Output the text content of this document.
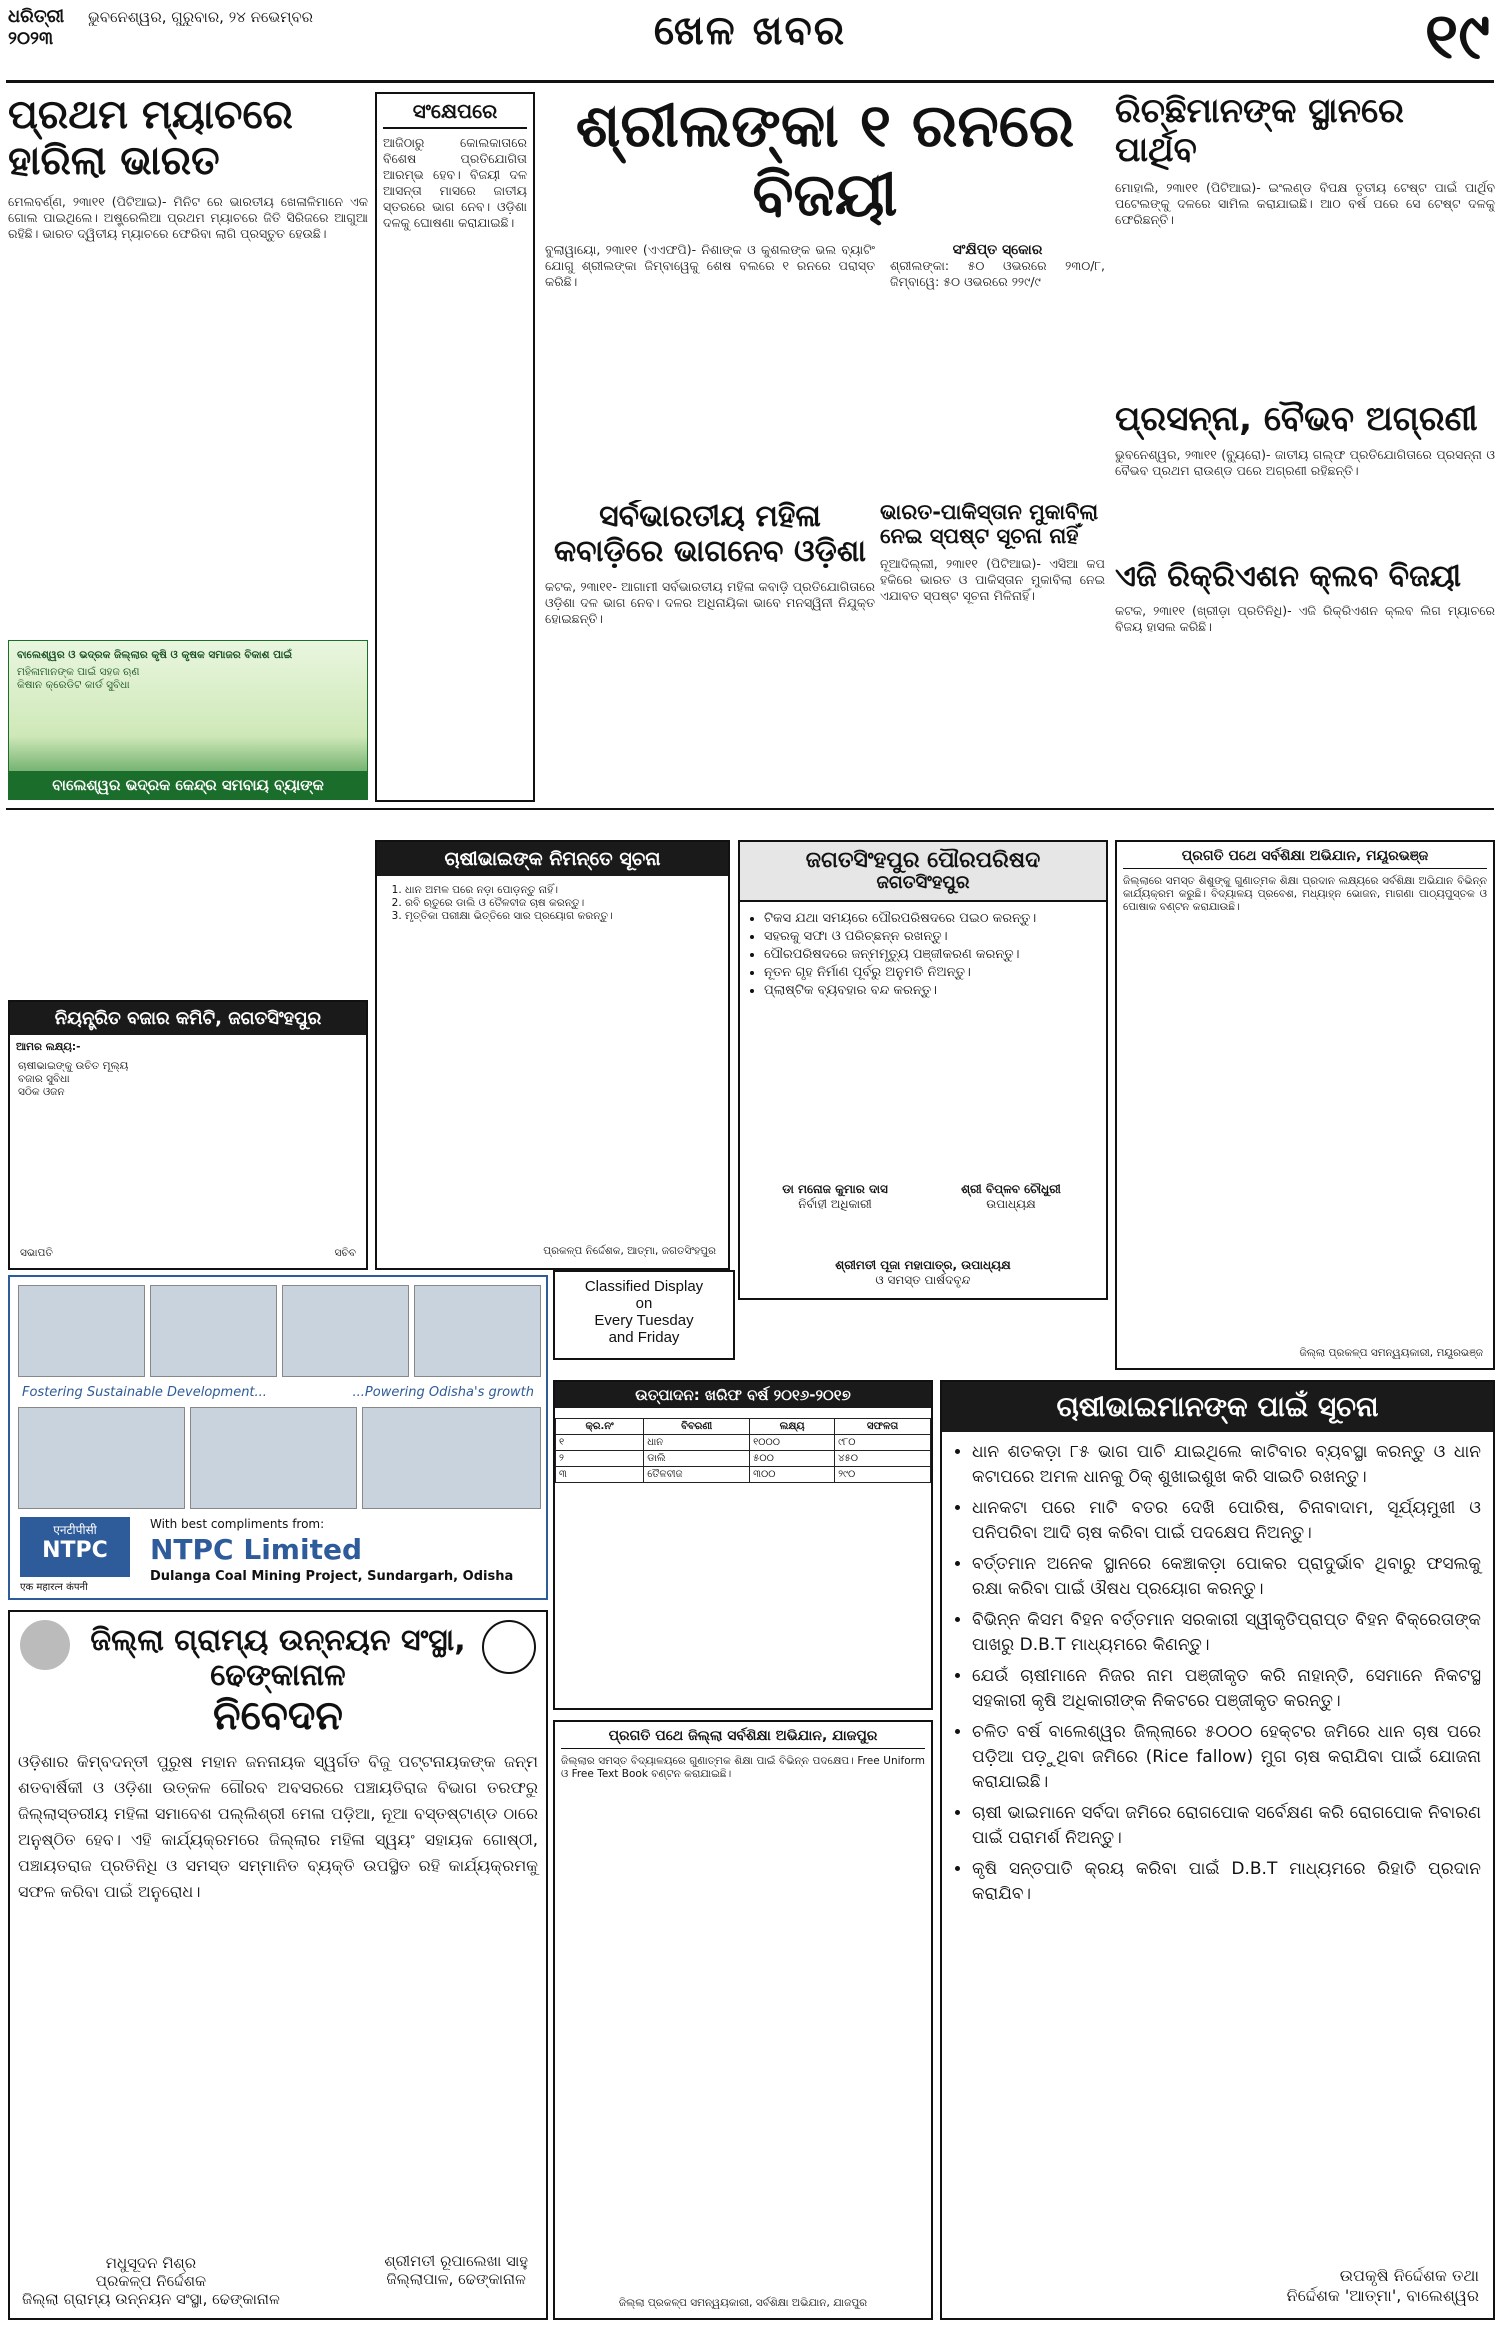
ଧରିତ୍ରୀ
୨୦୨୩
ଭୁବନେଶ୍ୱର, ଗୁରୁବାର, ୨୪ ନଭେମ୍ବର	ଖେଳ ଖବର	୧୯
ପ୍ରଥମ ମ୍ୟାଚରେ ହାରିଲା ଭାରତ
ମେଲବର୍ଣ୍ଣ, ୨୩ା୧୧ (ପିଟିଆଇ)- ମିନିଟ ରେ ଭାରତୀୟ ଖେଳାଳିମାନେ ଏକ ଗୋଲ ପାଇଥିଲେ। ଅଷ୍ଟ୍ରେଲିଆ ପ୍ରଥମ ମ୍ୟାଚରେ ଜିତି ସିରିଜରେ ଆଗୁଆ ରହିଛି। ଭାରତ ଦ୍ୱିତୀୟ ମ୍ୟାଚରେ ଫେରିବା ଲାଗି ପ୍ରସ୍ତୁତ ହେଉଛି।
ସଂକ୍ଷେପରେ
ଆଜିଠାରୁ କୋଲକାତାରେ ବିଶେଷ ପ୍ରତିଯୋଗିତା ଆରମ୍ଭ ହେବ। ବିଜୟୀ ଦଳ ଆସନ୍ତା ମାସରେ ଜାତୀୟ ସ୍ତରରେ ଭାଗ ନେବ। ଓଡ଼ିଶା ଦଳକୁ ଘୋଷଣା କରାଯାଇଛି।
ଶ୍ରୀଲଙ୍କା ୧ ରନରେ ବିଜୟୀ
ବୁଲାୱାୟୋ, ୨୩ା୧୧ (ଏଏଫପି)- ନିଶାଙ୍କ ଓ କୁଶଲଙ୍କ ଭଲ ବ୍ୟାଟିଂ ଯୋଗୁ ଶ୍ରୀଲଙ୍କା ଜିମ୍ବାୱେକୁ ଶେଷ ବଲରେ ୧ ରନରେ ପରାସ୍ତ କରିଛି।
ସଂକ୍ଷିପ୍ତ ସ୍କୋର
ଶ୍ରୀଲଙ୍କା: ୫୦ ଓଭରରେ ୨୩୦/୮, ଜିମ୍ବାୱେ: ୫୦ ଓଭରରେ ୨୨୯/୯
ସର୍ବଭାରତୀୟ ମହିଳା କବାଡ଼ିରେ ଭାଗନେବ ଓଡ଼ିଶା
କଟକ, ୨୩ା୧୧- ଆଗାମୀ ସର୍ବଭାରତୀୟ ମହିଳା କବାଡ଼ି ପ୍ରତିଯୋଗିତାରେ ଓଡ଼ିଶା ଦଳ ଭାଗ ନେବ। ଦଳର ଅଧିନାୟିକା ଭାବେ ମନସ୍ୱିନୀ ନିଯୁକ୍ତ ହୋଇଛନ୍ତି।
ଭାରତ-ପାକିସ୍ତାନ ମୁକାବିଲା ନେଇ ସ୍ପଷ୍ଟ ସୂଚନା ନାହିଁ
ନୂଆଦିଲ୍ଲୀ, ୨୩ା୧୧ (ପିଟିଆଇ)- ଏସିଆ କପ ହକିରେ ଭାରତ ଓ ପାକିସ୍ତାନ ମୁକାବିଲା ନେଇ ଏଯାବତ ସ୍ପଷ୍ଟ ସୂଚନା ମିଳିନାହିଁ।
ରିଚ୍ଛିମାନଙ୍କ ସ୍ଥାନରେ ପାର୍ଥିବ
ମୋହାଲି, ୨୩ା୧୧ (ପିଟିଆଇ)- ଇଂଲଣ୍ଡ ବିପକ୍ଷ ତୃତୀୟ ଟେଷ୍ଟ ପାଇଁ ପାର୍ଥିବ ପଟେଲଙ୍କୁ ଦଳରେ ସାମିଲ କରାଯାଇଛି। ଆଠ ବର୍ଷ ପରେ ସେ ଟେଷ୍ଟ ଦଳକୁ ଫେରିଛନ୍ତି।
ପ୍ରସନ୍ନା, ବୈଭବ ଅଗ୍ରଣୀ
ଭୁବନେଶ୍ୱର, ୨୩ା୧୧ (ବ୍ୟୁରୋ)- ଜାତୀୟ ଗଲ୍ଫ ପ୍ରତିଯୋଗିତାରେ ପ୍ରସନ୍ନା ଓ ବୈଭବ ପ୍ରଥମ ରାଉଣ୍ଡ ପରେ ଅଗ୍ରଣୀ ରହିଛନ୍ତି।
ଏଜି ରିକ୍ରିଏଶନ କ୍ଲବ ବିଜୟୀ
କଟକ, ୨୩ା୧୧ (ଖ୍ରୀଡ଼ା ପ୍ରତିନିଧି)- ଏଜି ରିକ୍ରିଏଶନ କ୍ଲବ ଲିଗ ମ୍ୟାଚରେ ବିଜୟ ହାସଲ କରିଛି।
ବାଲେଶ୍ୱର ଓ ଭଦ୍ରକ ଜିଲ୍ଲାର କୃଷି ଓ କୃଷକ ସମାଜର ବିକାଶ ପାଇଁ
ମହିଳାମାନଙ୍କ ପାଇଁ ସହଜ ଋଣ
କିଷାନ କ୍ରେଡିଟ କାର୍ଡ ସୁବିଧା
ବାଲେଶ୍ୱର ଭଦ୍ରକ କେନ୍ଦ୍ର ସମବାୟ ବ୍ୟାଙ୍କ
ନିୟନ୍ତ୍ରିତ ବଜାର କମିଟି, ଜଗତସିଂହପୁର
ଆମର ଲକ୍ଷ୍ୟ:-
ଚାଷୀଭାଇଙ୍କୁ ଉଚିତ ମୂଲ୍ୟ
ବଜାର ସୁବିଧା
ସଠିକ ଓଜନ
ସଭାପତି	ସଚିବ
ଚାଷୀଭାଇଙ୍କ ନିମନ୍ତେ ସୂଚନା
1. ଧାନ ଅମଳ ପରେ ନଡ଼ା ପୋଡ଼ନ୍ତୁ ନାହିଁ।
2. ରବି ଋତୁରେ ଡାଲି ଓ ତୈଳବୀଜ ଚାଷ କରନ୍ତୁ।
3. ମୃତ୍ତିକା ପରୀକ୍ଷା ଭିତ୍ତିରେ ସାର ପ୍ରୟୋଗ କରନ୍ତୁ।
ପ୍ରକଳ୍ପ ନିର୍ଦ୍ଦେଶକ, ଆତ୍ମା, ଜଗତସିଂହପୁର
ଜଗତସିଂହପୁର ପୌରପରିଷଦ
ଜଗତସିଂହପୁର
• ଟିକସ ଯଥା ସମୟରେ ପୌରପରିଷଦରେ ପଇଠ କରନ୍ତୁ।
• ସହରକୁ ସଫା ଓ ପରିଚ୍ଛନ୍ନ ରଖନ୍ତୁ।
• ପୌରପରିଷଦରେ ଜନ୍ମମୃତ୍ୟୁ ପଞ୍ଜୀକରଣ କରନ୍ତୁ।
• ନୂତନ ଗୃହ ନିର୍ମାଣ ପୂର୍ବରୁ ଅନୁମତି ନିଅନ୍ତୁ।
• ପ୍ଲାଷ୍ଟିକ ବ୍ୟବହାର ବନ୍ଦ କରନ୍ତୁ।
ଡା ମନୋଜ କୁମାର ଦାସ
ନିର୍ବାହୀ ଅଧିକାରୀ
ଶ୍ରୀ ବିପ୍ଳବ ଚୌଧୁରୀ
ଉପାଧ୍ୟକ୍ଷ
ଶ୍ରୀମତୀ ପୂଜା ମହାପାତ୍ର, ଉପାଧ୍ୟକ୍ଷ
ଓ ସମସ୍ତ ପାର୍ଷଦବୃନ୍ଦ
ପ୍ରଗତି ପଥେ ସର୍ବଶିକ୍ଷା ଅଭିଯାନ, ମୟୂରଭଞ୍ଜ
ଜିଲ୍ଲାରେ ସମସ୍ତ ଶିଶୁଙ୍କୁ ଗୁଣାତ୍ମକ ଶିକ୍ଷା ପ୍ରଦାନ ଲକ୍ଷ୍ୟରେ ସର୍ବଶିକ୍ଷା ଅଭିଯାନ ବିଭିନ୍ନ କାର୍ଯ୍ୟକ୍ରମ କରୁଛି। ବିଦ୍ୟାଳୟ ପ୍ରବେଶ, ମଧ୍ୟାହ୍ନ ଭୋଜନ, ମାଗଣା ପାଠ୍ୟପୁସ୍ତକ ଓ ପୋଷାକ ବଣ୍ଟନ କରାଯାଉଛି।
ଜିଲ୍ଲା ପ୍ରକଳ୍ପ ସମନ୍ୱୟକାରୀ, ମୟୂରଭଞ୍ଜ
Fostering Sustainable Development...	...Powering Odisha's growth
एनटीपीसी
NTPC
एक महारत्न कंपनी
With best compliments from:
NTPC Limited
Dulanga Coal Mining Project, Sundargarh, Odisha
Classified Display
on
Every Tuesday
and Friday
ଉତ୍ପାଦନ: ଖରିଫ ବର୍ଷ ୨୦୧୬-୨୦୧୭
କ୍ର.ନଂ	ବିବରଣୀ	ଲକ୍ଷ୍ୟ	ସଫଳତା
୧	ଧାନ	୧୦୦୦	୯୮୦
୨	ଡାଲି	୫୦୦	୪୫୦
୩	ତୈଳବୀଜ	୩୦୦	୨୯୦
ଚାଷୀଭାଇମାନଙ୍କ ପାଇଁ ସୂଚନା
• ଧାନ ଶତକଡ଼ା ୮୫ ଭାଗ ପାଚି ଯାଇଥିଲେ କାଟିବାର ବ୍ୟବସ୍ଥା କରନ୍ତୁ ଓ ଧାନ କଟାପରେ ଅମଳ ଧାନକୁ ଠିକ୍ ଶୁଖାଇଶୁଖ କରି ସାଇତି ରଖନ୍ତୁ।
• ଧାନକଟା ପରେ ମାଟି ବତର ଦେଖି ପୋରିଷ, ଚିନାବାଦାମ, ସୂର୍ଯ୍ୟମୁଖୀ ଓ ପନିପରିବା ଆଦି ଚାଷ କରିବା ପାଇଁ ପଦକ୍ଷେପ ନିଅନ୍ତୁ।
• ବର୍ତ୍ତମାନ ଅନେକ ସ୍ଥାନରେ କେଞ୍ଚାକଡ଼ା ପୋକର ପ୍ରାଦୁର୍ଭାବ ଥିବାରୁ ଫସଲକୁ ରକ୍ଷା କରିବା ପାଇଁ ଔଷଧ ପ୍ରୟୋଗ କରନ୍ତୁ।
• ବିଭିନ୍ନ କିସମ ବିହନ ବର୍ତ୍ତମାନ ସରକାରୀ ସ୍ୱୀକୃତିପ୍ରାପ୍ତ ବିହନ ବିକ୍ରେତାଙ୍କ ପାଖରୁ D.B.T ମାଧ୍ୟମରେ କିଣନ୍ତୁ।
• ଯେଉଁ ଚାଷୀମାନେ ନିଜର ନାମ ପଞ୍ଜୀକୃତ କରି ନାହାନ୍ତି, ସେମାନେ ନିକଟସ୍ଥ ସହକାରୀ କୃଷି ଅଧିକାରୀଙ୍କ ନିକଟରେ ପଞ୍ଜୀକୃତ କରନ୍ତୁ।
• ଚଳିତ ବର୍ଷ ବାଲେଶ୍ୱର ଜିଲ୍ଲାରେ ୫୦୦୦ ହେକ୍ଟର ଜମିରେ ଧାନ ଚାଷ ପରେ ପଡ଼ିଆ ପଡ଼ୁଥିବା ଜମିରେ (Rice fallow) ମୁଗ ଚାଷ କରାଯିବା ପାଇଁ ଯୋଜନା କରାଯାଇଛି।
• ଚାଷୀ ଭାଇମାନେ ସର୍ବଦା ଜମିରେ ରୋଗପୋକ ସର୍ବେକ୍ଷଣ କରି ରୋଗପୋକ ନିବାରଣ ପାଇଁ ପରାମର୍ଶ ନିଅନ୍ତୁ।
• କୃଷି ସନ୍ତପାତି କ୍ରୟ କରିବା ପାଇଁ D.B.T ମାଧ୍ୟମରେ ରିହାତି ପ୍ରଦାନ କରାଯିବ।
ଉପକୃଷି ନିର୍ଦ୍ଦେଶକ ତଥା
ନିର୍ଦ୍ଦେଶକ 'ଆତ୍ମା', ବାଲେଶ୍ୱର
ଜିଲ୍ଲା ଗ୍ରାମ୍ୟ ଉନ୍ନୟନ ସଂସ୍ଥା, ଢେଙ୍କାନାଳ
ନିବେଦନ
ଓଡ଼ିଶାର କିମ୍ବଦନ୍ତୀ ପୁରୁଷ ମହାନ ଜନନାୟକ ସ୍ୱର୍ଗତ ବିଜୁ ପଟ୍ଟନାୟକଙ୍କ ଜନ୍ମ ଶତବାର୍ଷିକୀ ଓ ଓଡ଼ିଶା ଉତ୍କଳ ଗୌରବ ଅବସରରେ ପଞ୍ଚାୟତିରାଜ ବିଭାଗ ତରଫରୁ ଜିଲ୍ଲାସ୍ତରୀୟ ମହିଳା ସମାବେଶ ପଲ୍ଲିଶ୍ରୀ ମେଳା ପଡ଼ିଆ, ନୂଆ ବସ୍ତଷ୍ଟାଣ୍ଡ ଠାରେ ଅନୁଷ୍ଠିତ ହେବ। ଏହି କାର୍ଯ୍ୟକ୍ରମରେ ଜିଲ୍ଲାର ମହିଳା ସ୍ୱୟଂ ସହାୟକ ଗୋଷ୍ଠୀ, ପଞ୍ଚାୟତରାଜ ପ୍ରତିନିଧି ଓ ସମସ୍ତ ସମ୍ମାନିତ ବ୍ୟକ୍ତି ଉପସ୍ଥିତ ରହି କାର୍ଯ୍ୟକ୍ରମକୁ ସଫଳ କରିବା ପାଇଁ ଅନୁରୋଧ।
ମଧୁସୂଦନ ମିଶ୍ର
ପ୍ରକଳ୍ପ ନିର୍ଦ୍ଦେଶକ
ଜିଲ୍ଲା ଗ୍ରାମ୍ୟ ଉନ୍ନୟନ ସଂସ୍ଥା, ଢେଙ୍କାନାଳ
ଶ୍ରୀମତୀ ରୂପାଲେଖା ସାହୁ
ଜିଲ୍ଲାପାଳ, ଢେଙ୍କାନାଳ
ପ୍ରଗତି ପଥେ ଜିଲ୍ଲା ସର୍ବଶିକ୍ଷା ଅଭିଯାନ, ଯାଜପୁର
ଜିଲ୍ଲାର ସମସ୍ତ ବିଦ୍ୟାଳୟରେ ଗୁଣାତ୍ମକ ଶିକ୍ଷା ପାଇଁ ବିଭିନ୍ନ ପଦକ୍ଷେପ। Free Uniform ଓ Free Text Book ବଣ୍ଟନ କରାଯାଇଛି।
ଜିଲ୍ଲା ପ୍ରକଳ୍ପ ସମନ୍ୱୟକାରୀ, ସର୍ବଶିକ୍ଷା ଅଭିଯାନ, ଯାଜପୁର
